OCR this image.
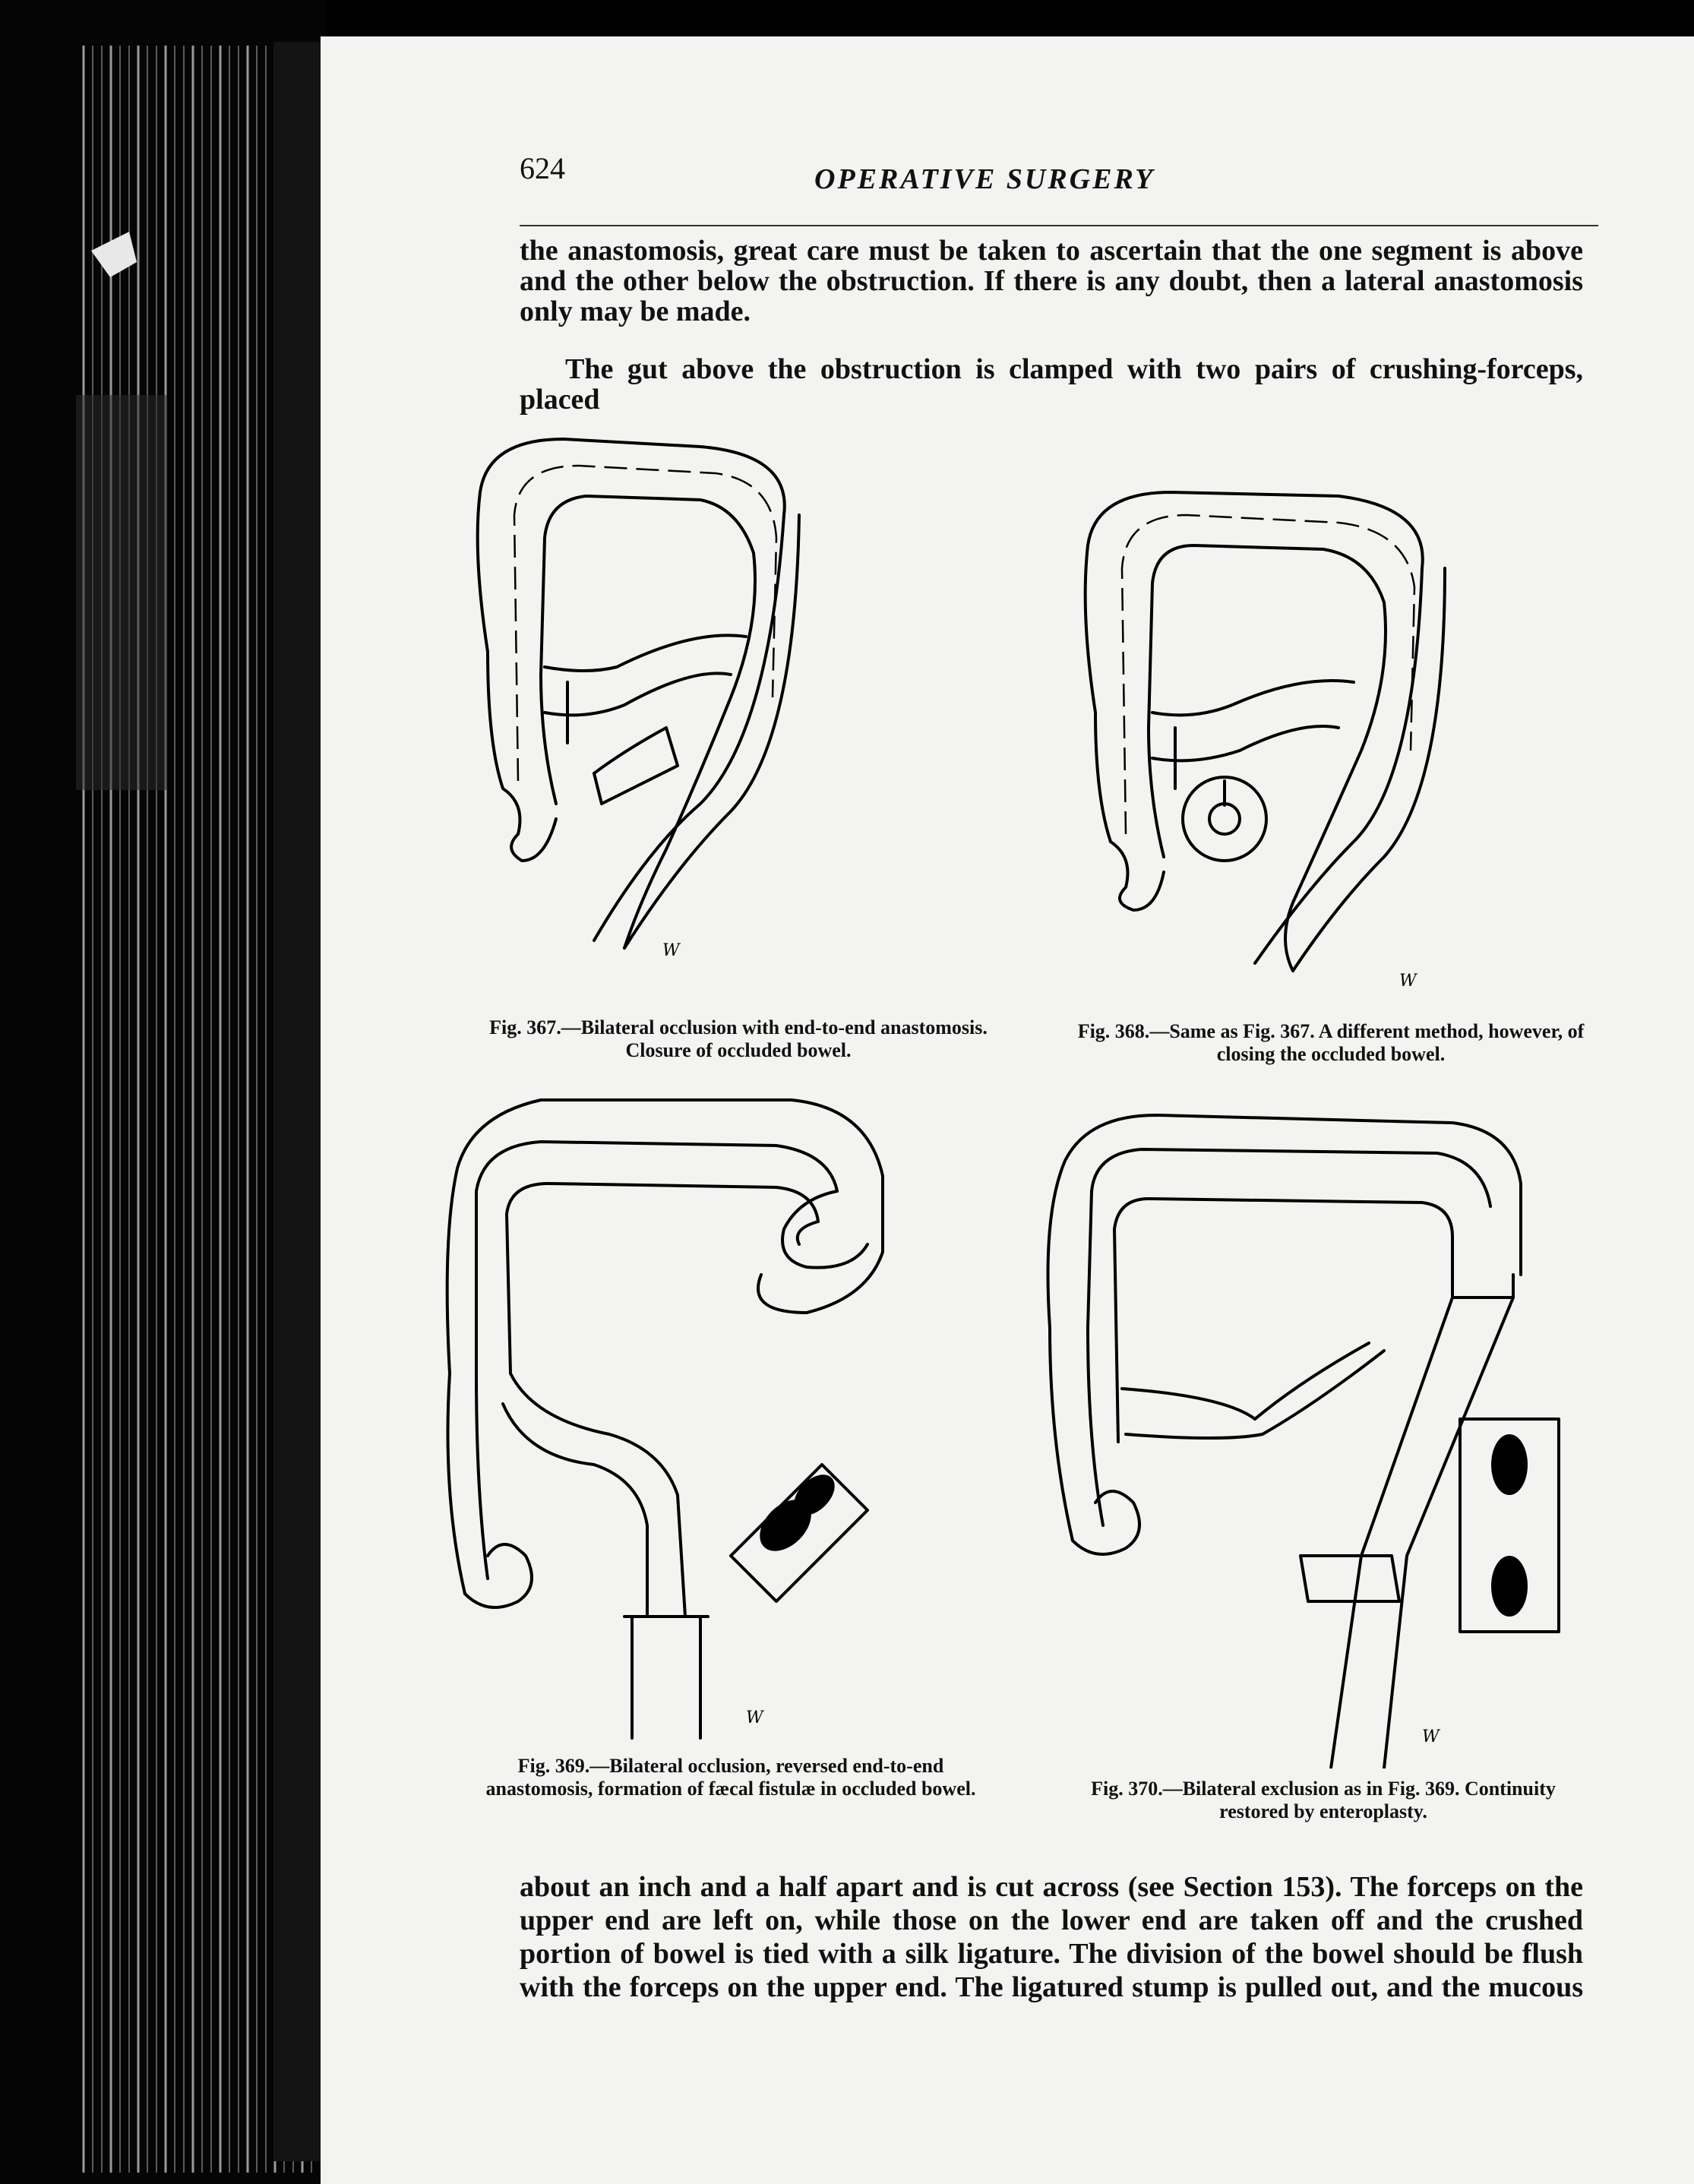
624	OPERATIVE SURGERY

the anastomosis, great care must be taken to ascertain that the one segment is above and the other below the obstruction. If there is any doubt, then a lateral anastomosis only may be made.

The gut above the obstruction is clamped with two pairs of crushing-forceps, placed

W
W

Fig. 367.—Bilateral occlusion with end-to-end anastomosis. Closure of occluded bowel.

Fig. 368.—Same as Fig. 367. A different method, however, of closing the occluded bowel.

W
W

Fig. 369.—Bilateral occlusion, reversed end-to-end anastomosis, formation of fæcal fistulæ in occluded bowel.	Fig. 370.—Bilateral exclusion as in Fig. 369. Continuity restored by enteroplasty.

about an inch and a half apart and is cut across (see Section 153). The forceps on the upper end are left on, while those on the lower end are taken off and the crushed portion of bowel is tied with a silk ligature. The division of the bowel should be flush with the forceps on the upper end. The ligatured stump is pulled out, and the mucous
